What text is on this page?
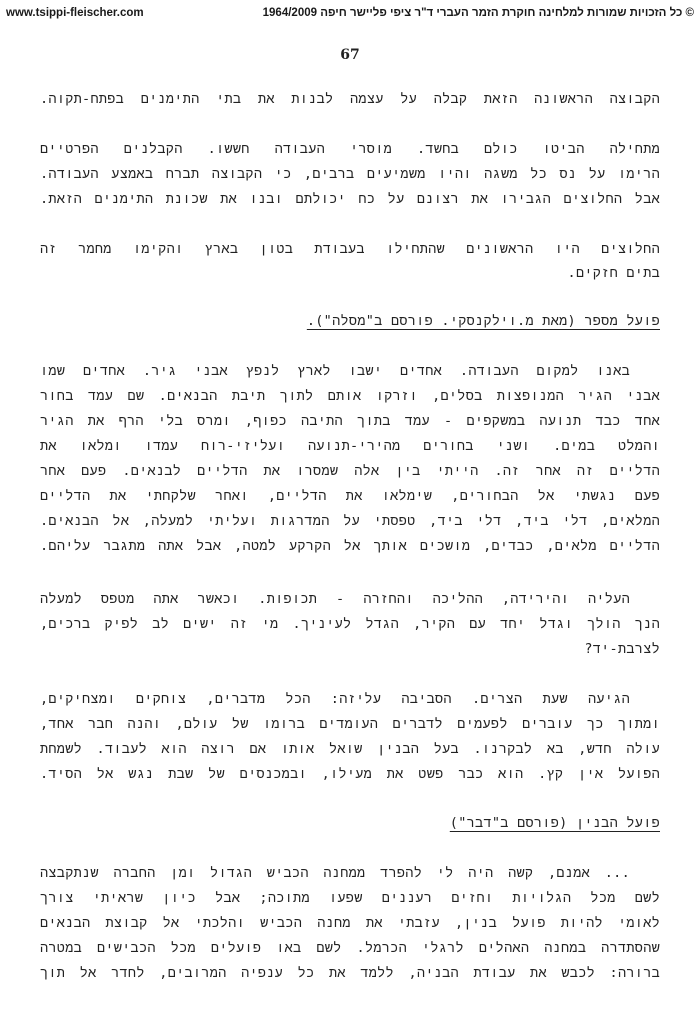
www.tsippi-fleischer.com	© כל הזכויות שמורות למלחינה חוקרת הזמר העברי ד"ר ציפי פליישר חיפה 1964/2009
67
הקבוצה הראשונה הזאת קבלה על עצמה לבנות את בתי התימנים בפתח-תקוה.
מתחילה הביטו כולם בחשד. מוסרי העבודה חששו. הקבלנים הפרטיים
הרימו על נס כל משגה והיו משמיעים ברבים, כי הקבוצה תברח באמצע העבודה.
אבל החלוצים הגבירו את רצונם על כח יכולתם ובנו את שכונת התימנים הזאת.
החלוצים היו הראשונים שהתחילו בעבודת בטון בארץ והקימו מחמר זה
בתים חזקים.
פועל מספר (מאת מ.וילקנסקי. פורסם ב"מסלה").
באנו למקום העבודה. אחדים ישבו לארץ לנפץ אבני גיר. אחדים שמו
אבני הגיר המנופצות בסלים, וזרקו אותם לתוך תיבת הבנאים. שם עמד בחור
אחד כבד תנועה במשקפים - עמד בתוך התיבה כפוף, ומרס בלי הרף את הגיר
והמלט במים. ושני בחורים מהירי-תנועה ועליזי-רוח עמדו ומלאו את
הדליים זה אחר זה. הייתי בין אלה שמסרו את הדליים לבנאים. פעם אחר
פעם נגשתי אל הבחורים, שימלאו את הדליים, ואחר שלקחתי את הדליים
המלאים, דלי ביד, דלי ביד, טפסתי על המדרגות ועליתי למעלה, אל הבנאים.
הדליים מלאים, כבדים, מושכים אותך אל הקרקע למטה, אבל אתה מתגבר עליהם.
העליה והירידה, ההליכה והחזרה - תכופות. וכאשר אתה מטפס למעלה
הנך הולך וגדל יחד עם הקיר, הגדל לעיניך. מי זה ישים לב לפיק ברכים,
לצרבת-יד?
הגיעה שעת הצרים. הסביבה עליזה: הכל מדברים, צוחקים ומצחיקים,
ומתוך כך עוברים לפעמים לדברים העומדים ברומו של עולם, והנה חבר אחד,
עולה חדש, בא לבקרנו. בעל הבנין שואל אותו אם רוצה הוא לעבוד. לשמחת
הפועל אין קץ. הוא כבר פשט את מעילו, ובמכנסים של שבת נגש אל הסיד.
פועל הבנין (פורסם ב"דבר")
... אמנם, קשה היה לי להפרד ממחנה הכביש הגדול ומן החברה שנתקבצה
לשם מכל הגלויות וחזים רעננים שפעו מתוכה; אבל כיון שראיתי צורך
לאומי להיות פועל בנין, עזבתי את מחנה הכביש והלכתי אל קבוצת הבנאים
שהסתדרה במחנה האהלים לרגלי הכרמל. לשם באו פועלים מכל הכבישים במטרה
ברורה: לכבש את עבודת הבניה, ללמד את כל ענפיה המרובים, לחדר אל תוך
